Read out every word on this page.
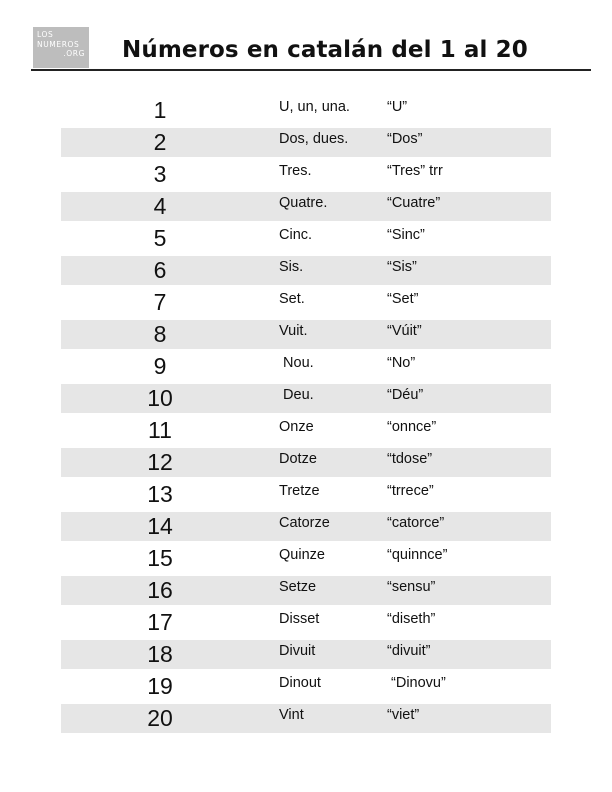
LOS
NUMEROS
.ORG Números en catalán del 1 al 20
1	U, un, una.	“U”
2	Dos, dues.	“Dos”
3	Tres.	“Tres” trr
4	Quatre.	“Cuatre”
5	Cinc.	“Sinc”
6	Sis.	“Sis”
7	Set.	“Set”
8	Vuit.	“Vúit”
9	Nou.	“No”
10	Deu.	“Déu”
11	Onze	“onnce”
12	Dotze	“tdose”
13	Tretze	“trrece”
14	Catorze	“catorce”
15	Quinze	“quinnce”
16	Setze	“sensu”
17	Disset	“diseth”
18	Divuit	“divuit”
19	Dinout	“Dinovu”
20	Vint	“viet”
